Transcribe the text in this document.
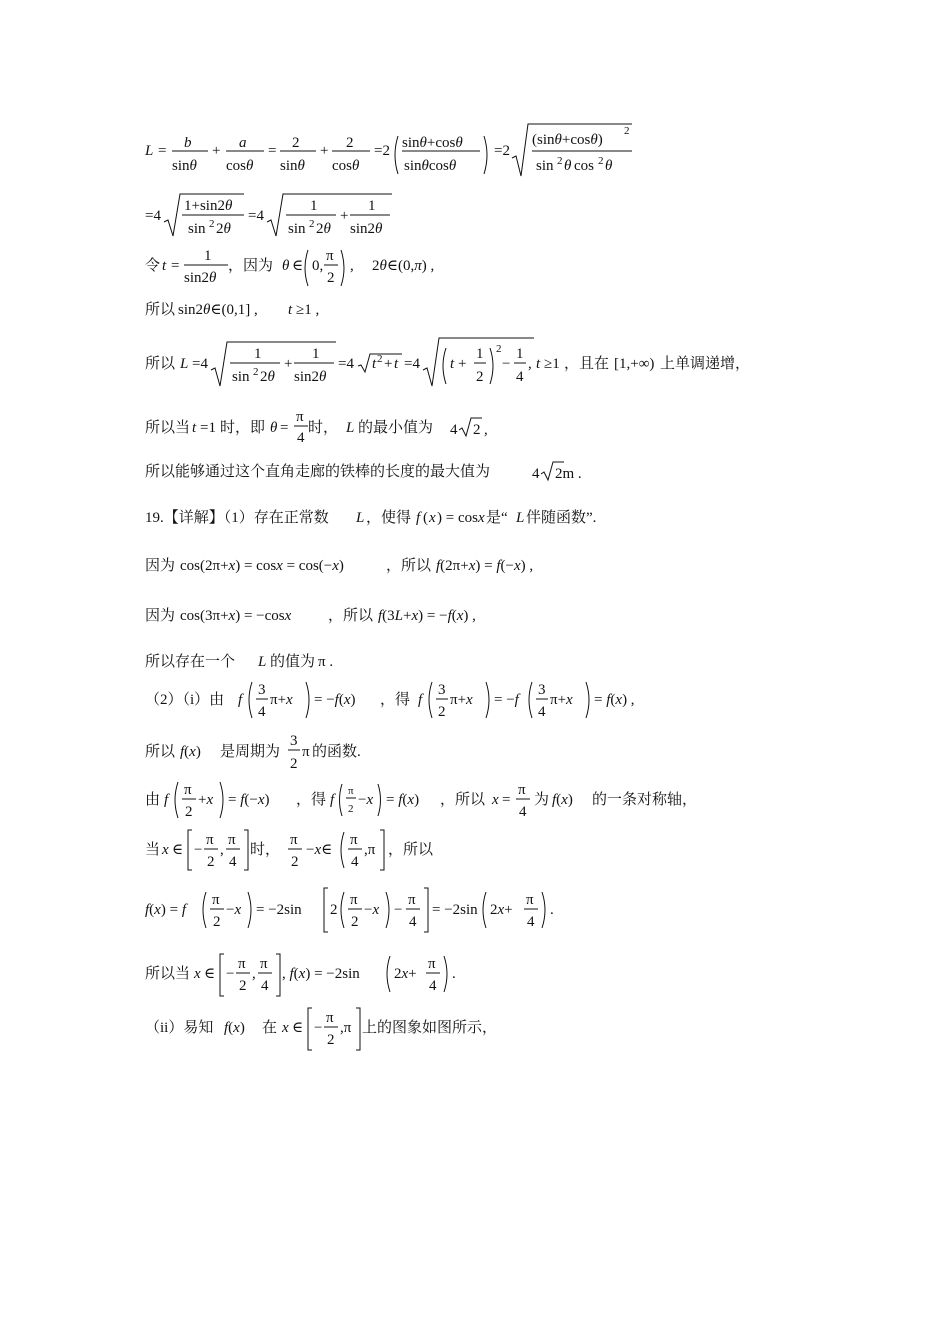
L = b
sinθ
+ a
cosθ
= 2
sinθ
+ 2
cosθ
=2 sinθ+cosθ
sinθcosθ
=2
(sinθ+cosθ)
2
sin 2 θ cos 2 θ
=4
1+sin2θ
sin 2 2θ
=4
1
sin 2 2θ
+
1
sin2θ
令 t =
1
sin2θ
，因为 θ ∈ 0,
π
2
, 2θ∈(0,π) ,
所以 sin2θ∈(0,1] , t ≥1 ,
所以 L =4
1
sin 2 2θ
+
1
sin2θ
=4 t 2 + t =4 t +
1
2
2
−
1
4
, t ≥1 ，且在 [1,+∞) 上单调递增，
所以当 t =1 时，即 θ =
π
4
时， L 的最小值为 4 2 ,
所以能够通过这个直角走廊的铁棒的长度的最大值为	4 2m .
19.【详解】（1）存在正常数 L ，使得 f ( x ) = cos x 是“ L 伴随函数”.
因为 cos(2π+x) = cosx = cos(−x)	，所以 f(2π+x) = f(−x) ,
因为 cos(3π+x) = −cosx ，所以 f(3L+x) = −f(x) ,
所以存在一个 L 的值为 π .
（2）（i）由 f
3
4
π+x = −f(x) ，得 f
3
2
π+x = −f
3
4
π+x = f(x) ,
所以 f(x) 是周期为
3
2
π 的函数.
由 f
π
2
+x = f(−x) ，得 f
π
2
−x = f(x) ，所以 x =
π
4
为 f(x) 的一条对称轴，
当 x ∈ −
π
2
,
π
4
时，
π
2
−x∈
π
4
,π ，所以
f(x) = f
π
2
−x = −2sin 2
π
2
−x −
π
4
= −2sin 2x+
π
4
.
所以当 x ∈ −
π
2
,
π
4
, f(x) = −2sin 2x+
π
4
.
（ii）易知 f(x) 在 x ∈ −
π
2
,π 上的图象如图所示，
